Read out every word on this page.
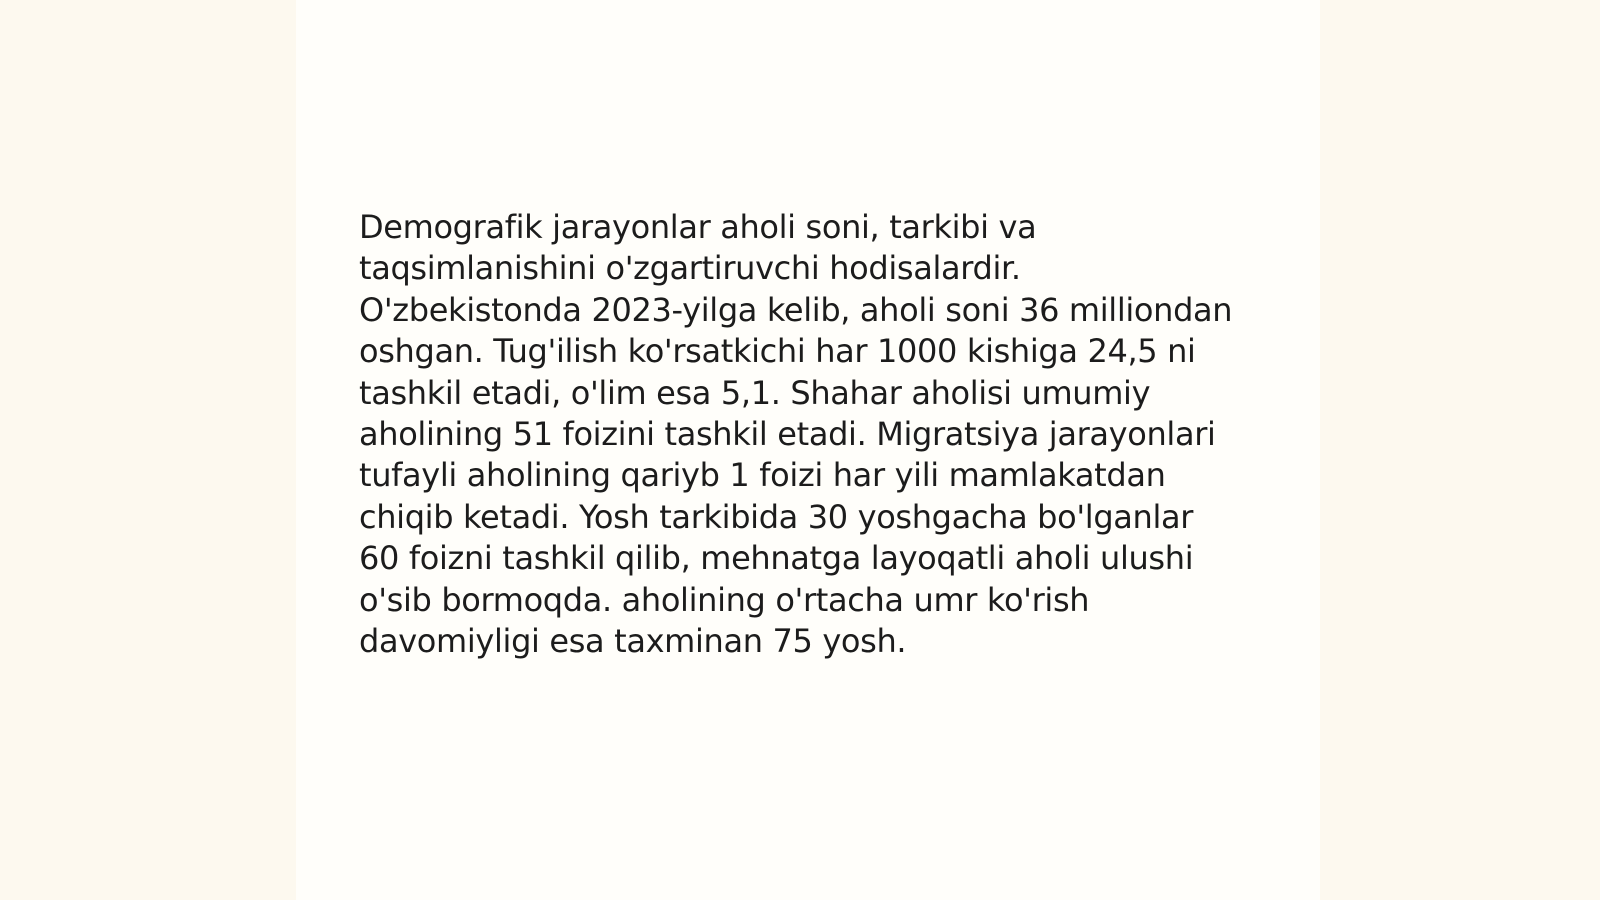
Demografik jarayonlar aholi soni, tarkibi va taqsimlanishini o'zgartiruvchi hodisalardir. O'zbekistonda 2023-yilga kelib, aholi soni 36 milliondan oshgan. Tug'ilish ko'rsatkichi har 1000 kishiga 24,5 ni tashkil etadi, o'lim esa 5,1. Shahar aholisi umumiy aholining 51 foizini tashkil etadi. Migratsiya jarayonlari tufayli aholining qariyb 1 foizi har yili mamlakatdan chiqib ketadi. Yosh tarkibida 30 yoshgacha bo'lganlar 60 foizni tashkil qilib, mehnatga layoqatli aholi ulushi o'sib bormoqda. aholining o'rtacha umr ko'rish davomiyligi esa taxminan 75 yosh.
